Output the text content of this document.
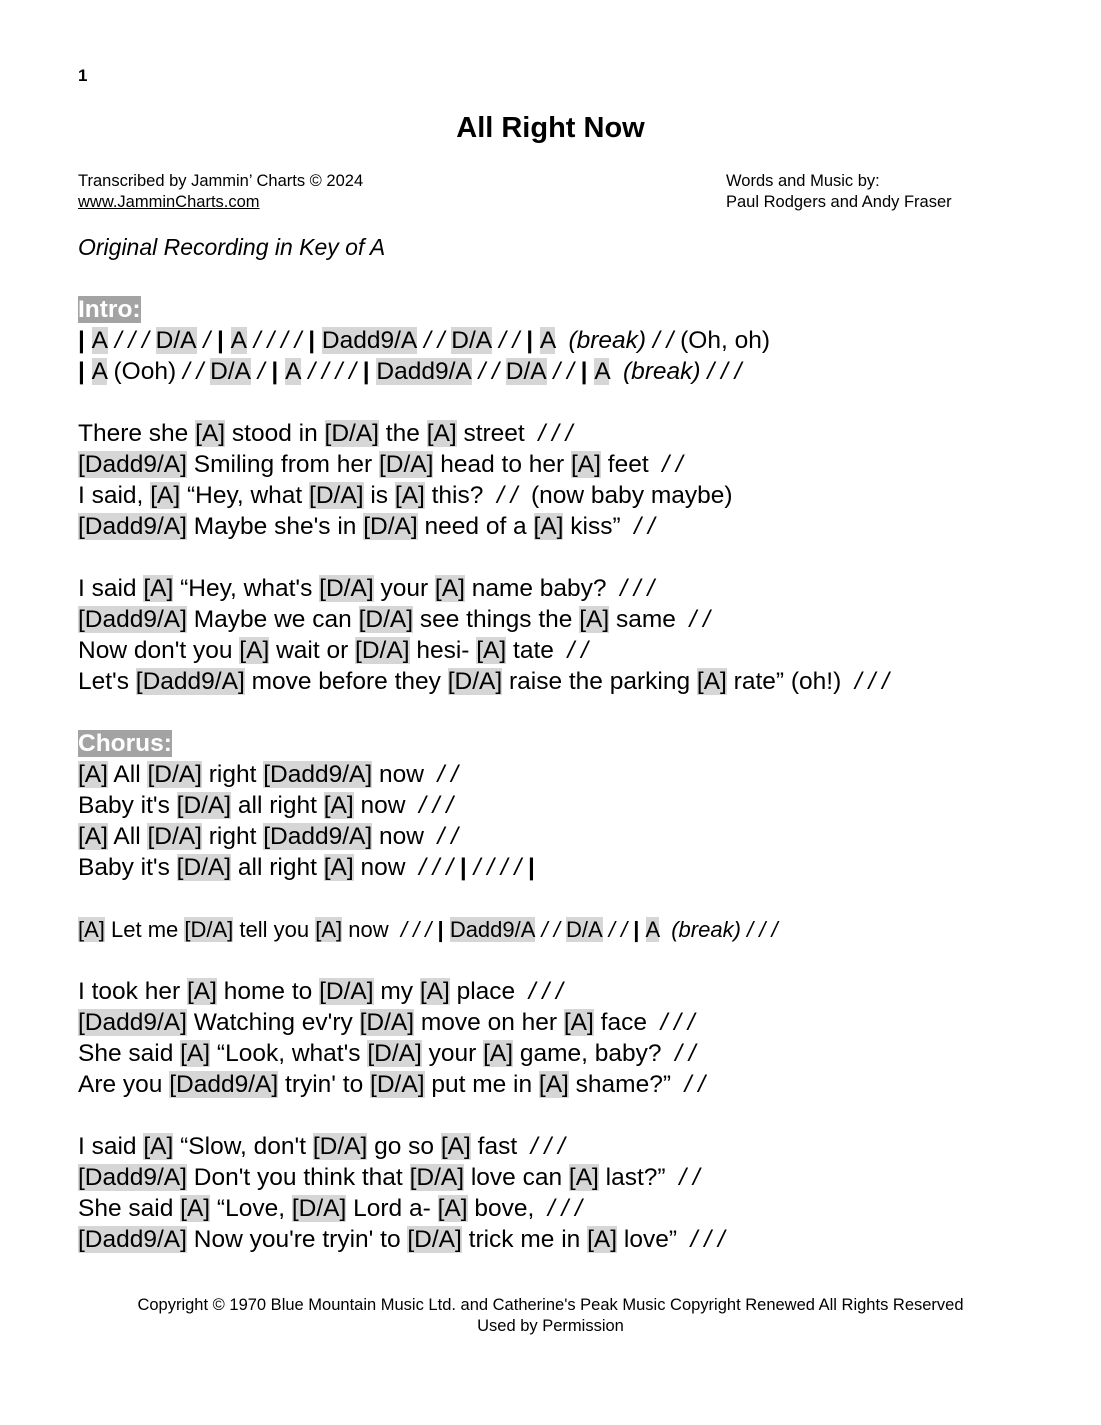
1
All Right Now
Transcribed by Jammin’ Charts © 2024
www.JamminCharts.com
Words and Music by:
Paul Rodgers and Andy Fraser
Original Recording in Key of A
Intro:
| A / / / D/A / | A / / / / | Dadd9/A / / D/A / / | A (break) / / (Oh, oh)
| A (Ooh) / / D/A / | A / / / / | Dadd9/A / / D/A / / | A (break) / / /
There she [A] stood in [D/A] the [A] street  / / /
[Dadd9/A] Smiling from her [D/A] head to her [A] feet  / /
I said, [A] “Hey, what [D/A] is [A] this?  / /  (now baby maybe)
[Dadd9/A] Maybe she's in [D/A] need of a [A] kiss”  / /
I said [A] “Hey, what's [D/A] your [A] name baby?  / / /
[Dadd9/A] Maybe we can [D/A] see things the [A] same  / /
Now don't you [A] wait or [D/A] hesi- [A] tate  / /
Let's [Dadd9/A] move before they [D/A] raise the parking [A] rate” (oh!)  / / /
Chorus:
[A] All [D/A] right [Dadd9/A] now  / /
Baby it's [D/A] all right [A] now  / / /
[A] All [D/A] right [Dadd9/A] now  / /
Baby it's [D/A] all right [A] now  / / / | / / / / |
[A] Let me [D/A] tell you [A] now  / / / | Dadd9/A / / D/A / / | A (break) / / /
I took her [A] home to [D/A] my [A] place  / / /
[Dadd9/A] Watching ev'ry [D/A] move on her [A] face  / / /
She said [A] “Look, what's [D/A] your [A] game, baby?  / /
Are you [Dadd9/A] tryin' to [D/A] put me in [A] shame?”  / /
I said [A] “Slow, don't [D/A] go so [A] fast  / / /
[Dadd9/A] Don't you think that [D/A] love can [A] last?”  / /
She said [A] “Love, [D/A] Lord a- [A] bove,  / / /
[Dadd9/A] Now you're tryin' to [D/A] trick me in [A] love”  / / /
Copyright © 1970 Blue Mountain Music Ltd. and Catherine's Peak Music Copyright Renewed All Rights Reserved
Used by Permission
